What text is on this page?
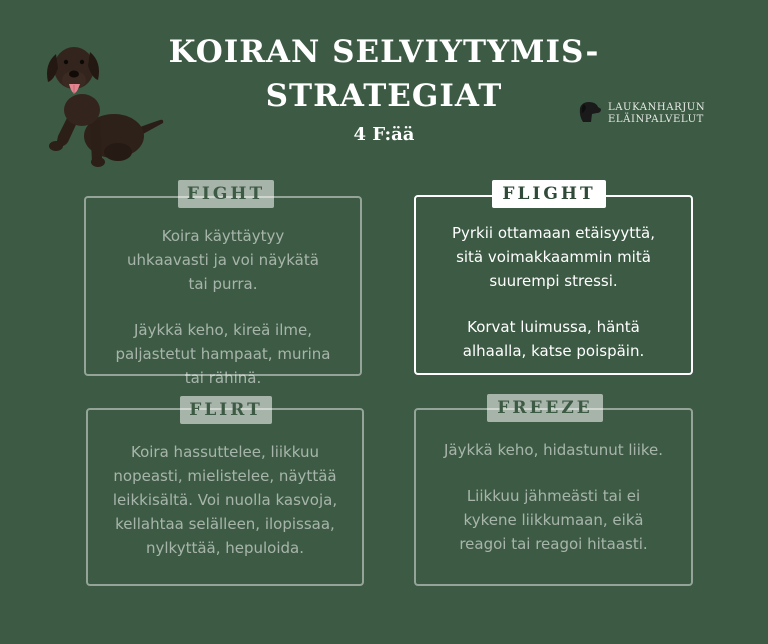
KOIRAN SELVIYTYMIS-
STRATEGIAT
4 F:ää
LAUKANHARJUN
ELÄINPALVELUT

Koira käyttäytyy uhkaavasti ja voi näykätä tai purra.

Jäykkä keho, kireä ilme, paljastetut hampaat, murina tai rähinä.

FIGHT

Pyrkii ottamaan etäisyyttä, sitä voimakkaammin mitä suurempi stressi.

Korvat luimussa, häntä alhaalla, katse poispäin.

FLIGHT

Koira hassuttelee, liikkuu nopeasti, mielistelee, näyttää leikkisältä. Voi nuolla kasvoja, kellahtaa selälleen, ilopissaa, nylkyttää, hepuloida.

FLIRT

Jäykkä keho, hidastunut liike.

Liikkuu jähmeästi tai ei kykene liikkumaan, eikä reagoi tai reagoi hitaasti.

FREEZE
